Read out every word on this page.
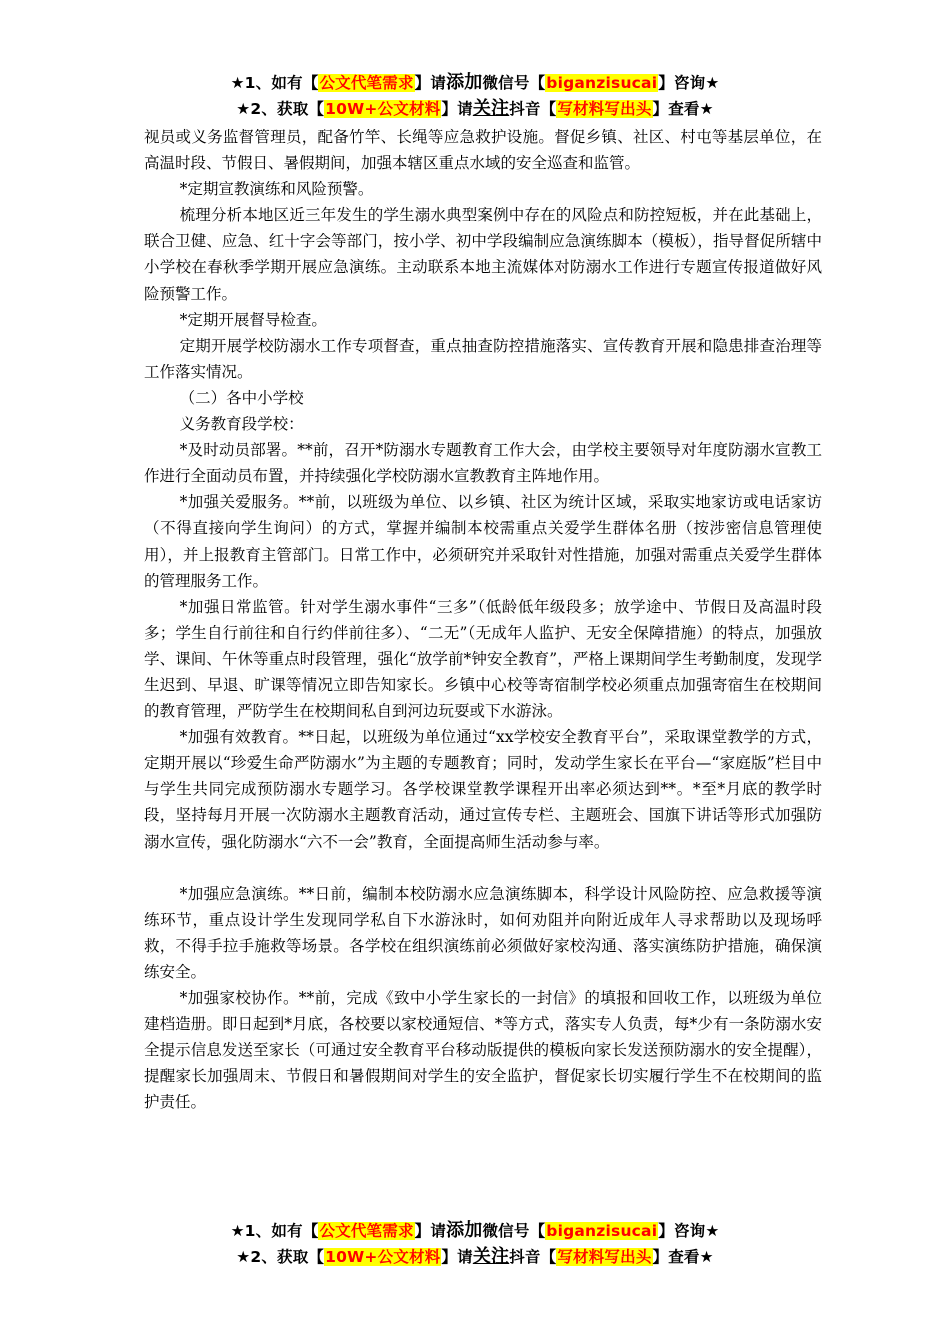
★1、如有【公文代笔需求】请添加微信号【biganzisucai】咨询★
★2、获取【10W+公文材料】请关注抖音【写材料写出头】查看★

视员或义务监督管理员，配备竹竿、长绳等应急救护设施。督促乡镇、社区、村屯等基层单位，在高温时段、节假日、暑假期间，加强本辖区重点水域的安全巡查和监管。

*定期宣教演练和风险预警。

梳理分析本地区近三年发生的学生溺水典型案例中存在的风险点和防控短板，并在此基础上，联合卫健、应急、红十字会等部门，按小学、初中学段编制应急演练脚本（模板），指导督促所辖中小学校在春秋季学期开展应急演练。主动联系本地主流媒体对防溺水工作进行专题宣传报道做好风险预警工作。

*定期开展督导检查。

定期开展学校防溺水工作专项督查，重点抽查防控措施落实、宣传教育开展和隐患排查治理等工作落实情况。

（二）各中小学校

义务教育段学校：

*及时动员部署。**前，召开*防溺水专题教育工作大会，由学校主要领导对年度防溺水宣教工作进行全面动员布置，并持续强化学校防溺水宣教教育主阵地作用。

*加强关爱服务。**前，以班级为单位、以乡镇、社区为统计区域，采取实地家访或电话家访（不得直接向学生询问）的方式，掌握并编制本校需重点关爱学生群体名册（按涉密信息管理使用），并上报教育主管部门。日常工作中，必须研究并采取针对性措施，加强对需重点关爱学生群体的管理服务工作。

*加强日常监管。针对学生溺水事件“三多”（低龄低年级段多；放学途中、节假日及高温时段多；学生自行前往和自行约伴前往多）、“二无”（无成年人监护、无安全保障措施）的特点，加强放学、课间、午休等重点时段管理，强化“放学前*钟安全教育”，严格上课期间学生考勤制度，发现学生迟到、早退、旷课等情况立即告知家长。乡镇中心校等寄宿制学校必须重点加强寄宿生在校期间的教育管理，严防学生在校期间私自到河边玩耍或下水游泳。

*加强有效教育。**日起，以班级为单位通过“xx学校安全教育平台”，采取课堂教学的方式，定期开展以“珍爱生命严防溺水”为主题的专题教育；同时，发动学生家长在平台—“家庭版”栏目中与学生共同完成预防溺水专题学习。各学校课堂教学课程开出率必须达到**。*至*月底的教学时段，坚持每月开展一次防溺水主题教育活动，通过宣传专栏、主题班会、国旗下讲话等形式加强防溺水宣传，强化防溺水“六不一会”教育，全面提高师生活动参与率。

*加强应急演练。**日前，编制本校防溺水应急演练脚本，科学设计风险防控、应急救援等演练环节，重点设计学生发现同学私自下水游泳时，如何劝阻并向附近成年人寻求帮助以及现场呼救，不得手拉手施救等场景。各学校在组织演练前必须做好家校沟通、落实演练防护措施，确保演练安全。

*加强家校协作。**前，完成《致中小学生家长的一封信》的填报和回收工作，以班级为单位建档造册。即日起到*月底，各校要以家校通短信、*等方式，落实专人负责，每*少有一条防溺水安全提示信息发送至家长（可通过安全教育平台移动版提供的模板向家长发送预防溺水的安全提醒），提醒家长加强周末、节假日和暑假期间对学生的安全监护，督促家长切实履行学生不在校期间的监护责任。

★1、如有【公文代笔需求】请添加微信号【biganzisucai】咨询★
★2、获取【10W+公文材料】请关注抖音【写材料写出头】查看★
